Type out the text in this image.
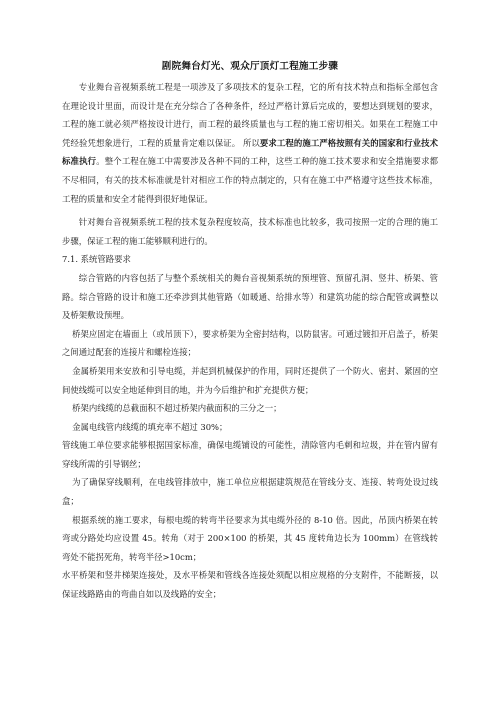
剧院舞台灯光、观众厅顶灯工程施工步骤

专业舞台音视频系统工程是一项涉及了多项技术的复杂工程，它的所有技术特点和指标全部包含在理论设计里面，而设计是在充分综合了各种条件，经过严格计算后完成的，要想达到规划的要求，工程的施工就必须严格按设计进行，而工程的最终质量也与工程的施工密切相关。如果在工程施工中凭经验凭想象进行，工程的质量肯定难以保证。 所以要求工程的施工严格按照有关的国家和行业技术标准执行。整个工程在施工中需要涉及各种不同的工种，这些工种的施工技术要求和安全措施要求都不尽相同，有关的技术标准就是针对相应工作的特点制定的，只有在施工中严格遵守这些技术标准，工程的质量和安全才能得到很好地保证。

针对舞台音视频系统工程的技术复杂程度较高，技术标准也比较多，我司按照一定的合理的施工步骤，保证工程的施工能够顺利进行的。

7.1. 系统管路要求

综合管路的内容包括了与整个系统相关的舞台音视频系统的预埋管、预留孔洞、竖井、桥架、管路。综合管路的设计和施工还牵涉到其他管路（如暖通、给排水等）和建筑功能的综合配管或调整以及桥架敷设预埋。

桥架应固定在墙面上（或吊顶下），要求桥架为全密封结构，以防鼠害。可通过镀扣开启盖子，桥架之间通过配套的连接片和螺栓连接；

金属桥架用来安放和引导电缆，并起到机械保护的作用，同时还提供了一个防火、密封、紧固的空间使线缆可以安全地延伸到目的地，并为今后维护和扩充提供方便；

桥架内线缆的总截面积不超过桥架内截面积的三分之一；

金属电线管内线缆的填充率不超过 30%；

管线施工单位要求能够根据国家标准，确保电缆铺设的可能性，清除管内毛刺和垃圾，并在管内留有穿线所需的引导钢丝；

为了确保穿线顺利，在电线管排放中，施工单位应根据建筑规范在管线分支、连接、转弯处设过线盒；

根据系统的施工要求，每根电缆的转弯半径要求为其电缆外径的 8-10 倍。因此，吊顶内桥架在转弯或分路处均应设置 45。转角（对于 200×100 的桥架，其 45 度转角边长为 100mm）在管线转弯处不能拐死角，转弯半径>10cm；

水平桥架和竖井梯架连接处，及水平桥架和管线各连接处须配以相应规格的分支附件，不能断接，以保证线路路由的弯曲自如以及线路的安全；
